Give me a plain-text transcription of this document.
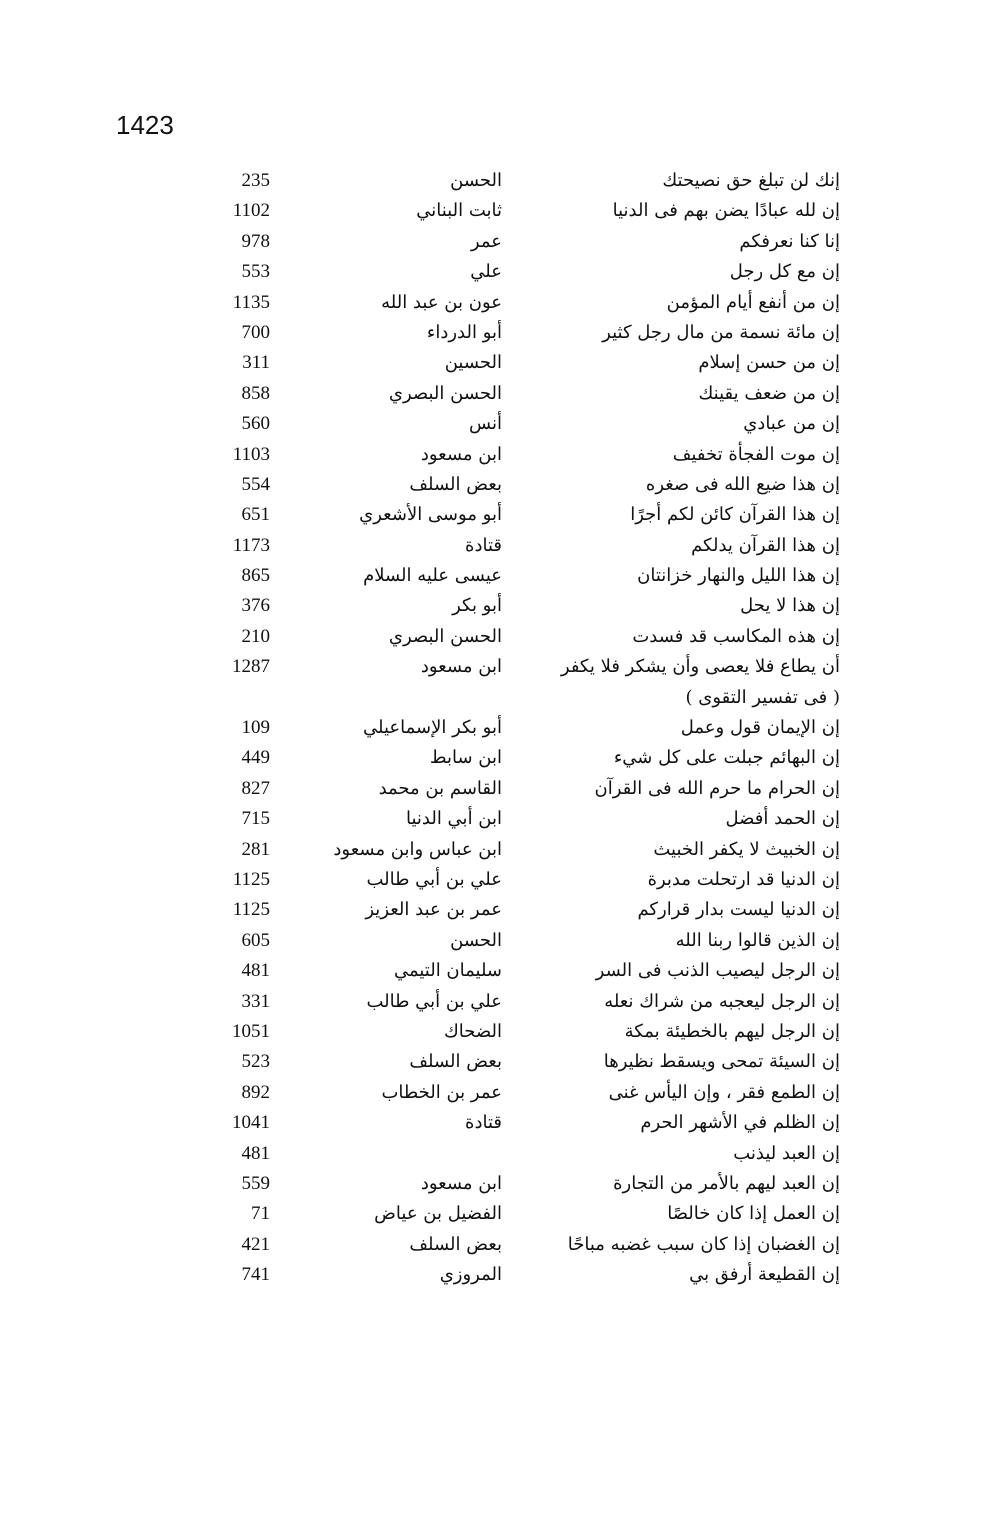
1423
إنك لن تبلغ حق نصيحتك
الحسن
235
إن لله عبادًا يضن بهم فى الدنيا
ثابت البناني
1102
إنا كنا نعرفكم
عمر
978
إن مع كل رجل
علي
553
إن من أنفع أيام المؤمن
عون بن عبد الله
1135
إن مائة نسمة من مال رجل كثير
أبو الدرداء
700
إن من حسن إسلام
الحسين
311
إن من ضعف يقينك
الحسن البصري
858
إن من عبادي
أنس
560
إن موت الفجأة تخفيف
ابن مسعود
1103
إن هذا ضيع الله فى صغره
بعض السلف
554
إن هذا القرآن كائن لكم أجرًا
أبو موسى الأشعري
651
إن هذا القرآن يدلكم
قتادة
1173
إن هذا الليل والنهار خزانتان
عيسى عليه السلام
865
إن هذا لا يحل
أبو بكر
376
إن هذه المكاسب قد فسدت
الحسن البصري
210
أن يطاع فلا يعصى وأن يشكر فلا يكفر
ابن مسعود
1287
( فى تفسير التقوى )
إن الإيمان قول وعمل
أبو بكر الإسماعيلي
109
إن البهائم جبلت على كل شيء
ابن سابط
449
إن الحرام ما حرم الله فى القرآن
القاسم بن محمد
827
إن الحمد أفضل
ابن أبي الدنيا
715
إن الخبيث لا يكفر الخبيث
ابن عباس وابن مسعود
281
إن الدنيا قد ارتحلت مدبرة
علي بن أبي طالب
1125
إن الدنيا ليست بدار قراركم
عمر بن عبد العزيز
1125
إن الذين قالوا ربنا الله
الحسن
605
إن الرجل ليصيب الذنب فى السر
سليمان التيمي
481
إن الرجل ليعجبه من شراك نعله
علي بن أبي طالب
331
إن الرجل ليهم بالخطيئة بمكة
الضحاك
1051
إن السيئة تمحى ويسقط نظيرها
بعض السلف
523
إن الطمع فقر ، وإن اليأس غنى
عمر بن الخطاب
892
إن الظلم في الأشهر الحرم
قتادة
1041
إن العبد ليذنب
481
إن العبد ليهم بالأمر من التجارة
ابن مسعود
559
إن العمل إذا كان خالصًا
الفضيل بن عياض
71
إن الغضبان إذا كان سبب غضبه مباحًا
بعض السلف
421
إن القطيعة أرفق بي
المروزي
741
